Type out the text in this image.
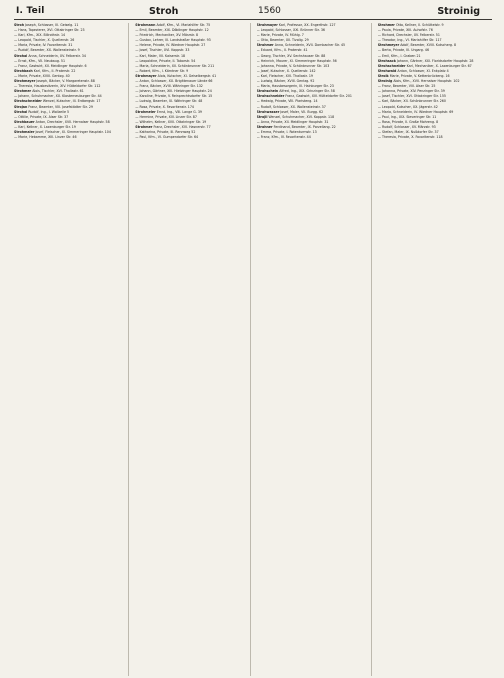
I. Teil	Stroh	1560	Stroinig
Stroh Joseph, Schlosser, III. Geiselg. 11
— Hans, Tapezierer, XVI. Ottakringer Str. 23
— Karl, Kfm., XIX. Billrothstr. 14
— Leopold, Tischler, X. Quellenstr. 26
— Maria, Private, IV. Favoritenstr. 31
— Rudolf, Beamter, XX. Wallensteinstr. 9
Strohal Anna, Schneiderin, XV. Felberstr. 34
— Ernst, Kfm., VII. Neubaug. 51
— Franz, Gastwirt, XII. Meidlinger Hauptstr. 6
Strohbach Karl, Kfm., II. Praterstr. 22
— Marie, Private, XVIII. Gentzg. 40
Strohmayer Joseph, Bäcker, V. Margaretenstr. 88
— Theresia, Hausbesitzerin, XIV. Hütteldorfer Str. 112
Strohmer Alois, Tischler, XVI. Thaliastr. 61
— Johann, Schuhmacher, XX. Klosterneuburger Str. 44
Strohschneider Wenzel, Kutscher, III. Erdbergstr. 17
Strojan Franz, Beamter, VIII. Josefstädter Str. 29
Strohal Rudolf, Ing., I. Wollzeile 5
— Ottilie, Private, IX. Alser Str. 37
Strohbauer Anton, Drechsler, XVII. Hernalser Hauptstr. 58
— Karl, Kellner, X. Laxenburger Str. 19
Strohmaier Josef, Fleischer, XI. Simmeringer Hauptstr. 104
— Marie, Hebamme, XIII. Linzer Str. 46
Strohmann Adolf, Kfm., VI. Mariahilfer Str. 75
— Emil, Beamter, XIX. Döblinger Hauptstr. 12
— Friedrich, Mechaniker, XV. Märzstr. 8
— Gustav, Lehrer, III. Landstraßer Hauptstr. 93
— Helene, Private, IV. Wiedner Hauptstr. 27
— Josef, Tischler, XVI. Koppstr. 33
— Karl, Maler, VII. Kaiserstr. 18
— Leopoldine, Private, II. Taborstr. 54
— Maria, Schneiderin, XII. Schönbrunner Str. 211
— Robert, Kfm., I. Kärntner Str. 9
Strohmayer Alois, Kutscher, XI. Geiselbergstr. 41
— Anton, Schlosser, XX. Brigittenauer Lände 66
— Franz, Bäcker, XVIII. Währinger Str. 132
— Johann, Gärtner, XIII. Hietzinger Hauptstr. 24
— Karoline, Private, V. Reinprechtsdorfer Str. 15
— Ludwig, Beamter, IX. Währinger Str. 48
— Rosa, Private, X. Favoritenstr. 174
Strohmeier Ernst, Ing., VIII. Lange G. 39
— Hermine, Private, XIV. Linzer Str. 87
— Wilhelm, Kellner, XVII. Ottakringer Str. 19
Strohmer Franz, Drechsler, XVI. Hasnerstr. 77
— Katharina, Private, III. Rennweg 52
— Paul, Kfm., VI. Gumpendorfer Str. 64
Strohmayer Karl, Professor, XX. Engerthstr. 127
— Leopold, Schlosser, XXI. Brünner Str. 36
— Marie, Private, IV. Mühlg. 7
— Otto, Beamter, XII. Tivolig. 29
Strohmer Anna, Schneiderin, XVII. Dornbacher Str. 45
— Eduard, Kfm., II. Praterstr. 41
— Georg, Tischler, XV. Sechshauser Str. 88
— Heinrich, Maurer, XI. Simmeringer Hauptstr. 56
— Johanna, Private, V. Schönbrunner Str. 103
— Josef, Kutscher, X. Quellenstr. 142
— Karl, Fleischer, XVI. Thaliastr. 19
— Ludwig, Bäcker, XVIII. Gentzg. 92
— Maria, Hausbesorgerin, III. Hainburger Str. 23
Strohschein Alfred, Ing., XIX. Grinzinger Str. 58
Strohschneider Franz, Gastwirt, XIV. Hütteldorfer Str. 201
— Hedwig, Private, VIII. Piaristeng. 14
— Rudolf, Schlosser, XX. Wallensteinstr. 37
Strohwasser Josef, Maler, VII. Burgg. 62
Strojil Wenzel, Schuhmacher, XVI. Koppstr. 118
— Anna, Private, XII. Meidlinger Hauptstr. 31
Strohner Ferdinand, Beamter, IX. Porzellang. 22
— Emma, Private, I. Rotenturmstr. 13
— Franz, Kfm., IV. Favoritenstr. 44
Strohmer Otto, Kellner, II. Schüttelstr. 9
— Paula, Private, XIII. Auhofstr. 76
— Richard, Drechsler, XV. Felberstr. 51
— Theodor, Ing., VI. Mariahilfer Str. 117
Strohmeyer Adolf, Beamter, XVIII. Kutscherg. 8
— Berta, Private, III. Ungarg. 46
— Emil, Kfm., I. Graben 21
Strohsack Johann, Gärtner, XXI. Floridsdorfer Hauptstr. 28
Strohschneider Karl, Mechaniker, X. Laxenburger Str. 67
Strohwald Anton, Schlosser, XI. Enkplatz 4
Stroik Marie, Private, V. Kettenbrückeng. 16
Stroinig Alois, Kfm., XVII. Hernalser Hauptstr. 102
— Franz, Beamter, VIII. Alser Str. 25
— Johanna, Private, XIV. Penzinger Str. 39
— Josef, Tischler, XVI. Ottakringer Str. 155
— Karl, Bäcker, XII. Schönbrunner Str. 260
— Leopold, Kutscher, XX. Jägerstr. 42
— Maria, Schneiderin, IV. Wiedner Hauptstr. 69
— Paul, Ing., XIX. Sieveringer Str. 11
— Rosa, Private, II. Große Mohreng. 8
— Rudolf, Schlosser, XV. Märzstr. 93
— Stefan, Maler, IX. Nußdorfer Str. 37
— Theresia, Private, X. Favoritenstr. 118
